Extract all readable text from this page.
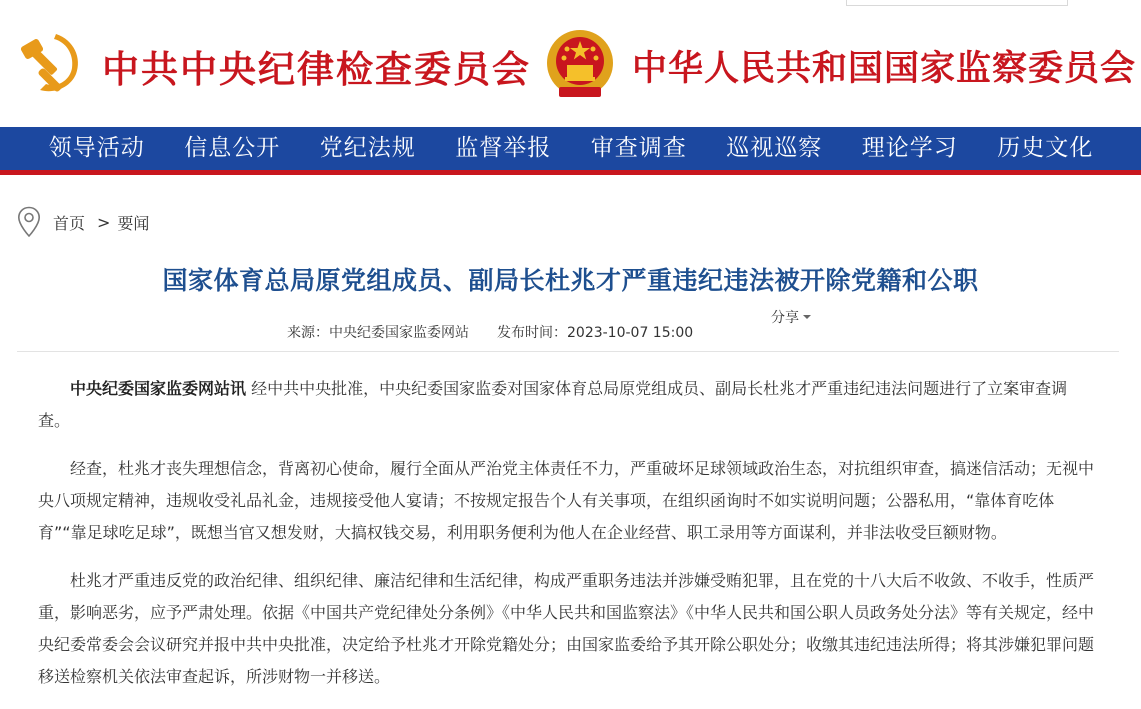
中共中央纪律检查委员会	中华人民共和国国家监察委员会
领导活动	信息公开	党纪法规	监督举报	审查调查	巡视巡察	理论学习	历史文化
首页 > 要闻
国家体育总局原党组成员、副局长杜兆才严重违纪违法被开除党籍和公职
分享
来源：中央纪委国家监委网站 发布时间：2023-10-07 15:00

中央纪委国家监委网站讯 经中共中央批准，中央纪委国家监委对国家体育总局原党组成员、副局长杜兆才严重违纪违法问题进行了立案审查调查。

经查，杜兆才丧失理想信念，背离初心使命，履行全面从严治党主体责任不力，严重破坏足球领域政治生态，对抗组织审查，搞迷信活动；无视中央八项规定精神，违规收受礼品礼金，违规接受他人宴请；不按规定报告个人有关事项，在组织函询时不如实说明问题；公器私用，“靠体育吃体育”“靠足球吃足球”，既想当官又想发财，大搞权钱交易，利用职务便利为他人在企业经营、职工录用等方面谋利，并非法收受巨额财物。

杜兆才严重违反党的政治纪律、组织纪律、廉洁纪律和生活纪律，构成严重职务违法并涉嫌受贿犯罪，且在党的十八大后不收敛、不收手，性质严重，影响恶劣，应予严肃处理。依据《中国共产党纪律处分条例》《中华人民共和国监察法》《中华人民共和国公职人员政务处分法》等有关规定，经中央纪委常委会会议研究并报中共中央批准，决定给予杜兆才开除党籍处分；由国家监委给予其开除公职处分；收缴其违纪违法所得；将其涉嫌犯罪问题移送检察机关依法审查起诉，所涉财物一并移送。
